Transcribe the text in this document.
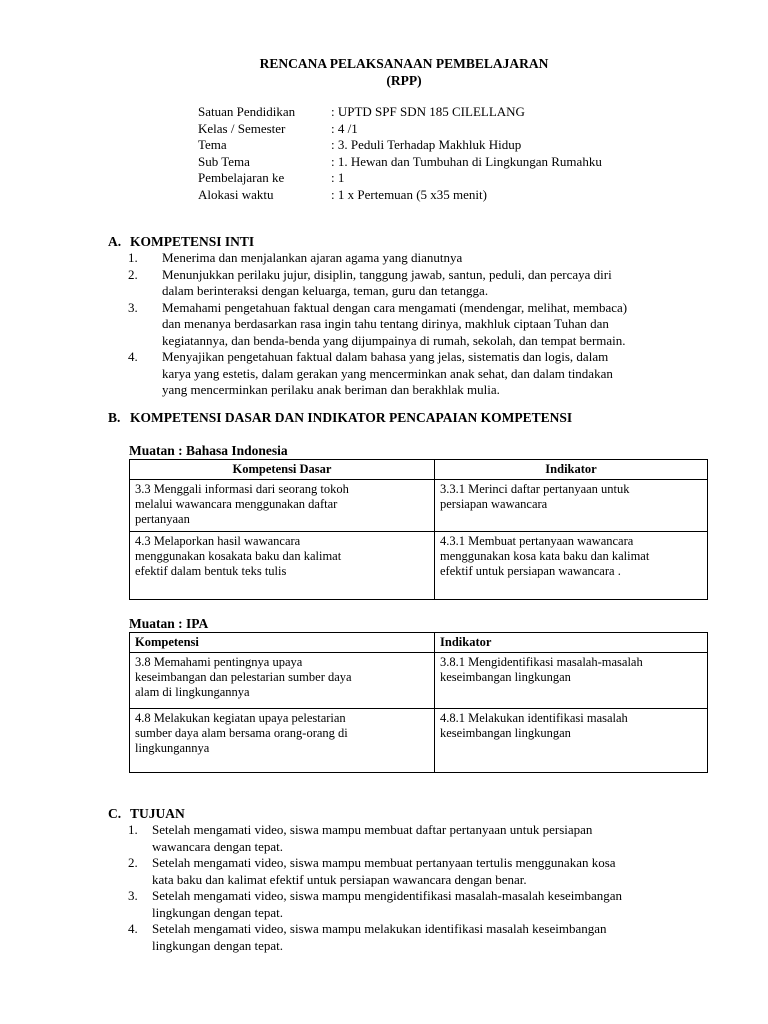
RENCANA PELAKSANAAN PEMBELAJARAN
(RPP)
Satuan Pendidikan	: UPTD SPF SDN 185 CILELLANG
Kelas / Semester	: 4 /1
Tema	: 3. Peduli Terhadap Makhluk Hidup
Sub Tema	: 1. Hewan dan Tumbuhan di Lingkungan Rumahku
Pembelajaran ke	: 1
Alokasi waktu	: 1 x Pertemuan (5 x35 menit)
A. KOMPETENSI INTI
1.	Menerima dan menjalankan ajaran agama yang dianutnya
2.	Menunjukkan perilaku jujur, disiplin, tanggung jawab, santun, peduli, dan percaya diri
dalam berinteraksi dengan keluarga, teman, guru dan tetangga.
3.	Memahami pengetahuan faktual dengan cara mengamati (mendengar, melihat, membaca)
dan menanya berdasarkan rasa ingin tahu tentang dirinya, makhluk ciptaan Tuhan dan
kegiatannya, dan benda-benda yang dijumpainya di rumah, sekolah, dan tempat bermain.
4.	Menyajikan pengetahuan faktual dalam bahasa yang jelas, sistematis dan logis, dalam
karya yang estetis, dalam gerakan yang mencerminkan anak sehat, dan dalam tindakan
yang mencerminkan perilaku anak beriman dan berakhlak mulia.
B. KOMPETENSI DASAR DAN INDIKATOR PENCAPAIAN KOMPETENSI
Muatan : Bahasa Indonesia
Kompetensi Dasar	Indikator
3.3 Menggali informasi dari seorang tokoh
melalui wawancara menggunakan daftar
pertanyaan	3.3.1 Merinci daftar pertanyaan untuk
persiapan wawancara
4.3 Melaporkan hasil wawancara
menggunakan kosakata baku dan kalimat
efektif dalam bentuk teks tulis	4.3.1 Membuat pertanyaan wawancara
menggunakan kosa kata baku dan kalimat
efektif untuk persiapan wawancara .
Muatan : IPA
Kompetensi	Indikator
3.8 Memahami pentingnya upaya
keseimbangan dan pelestarian sumber daya
alam di lingkungannya	3.8.1 Mengidentifikasi masalah-masalah
keseimbangan lingkungan
4.8 Melakukan kegiatan upaya pelestarian
sumber daya alam bersama orang-orang di
lingkungannya	4.8.1 Melakukan identifikasi masalah
keseimbangan lingkungan
C. TUJUAN
1.	Setelah mengamati video, siswa mampu membuat daftar pertanyaan untuk persiapan
wawancara dengan tepat.
2.	Setelah mengamati video, siswa mampu membuat pertanyaan tertulis menggunakan kosa
kata baku dan kalimat efektif untuk persiapan wawancara dengan benar.
3.	Setelah mengamati video, siswa mampu mengidentifikasi masalah-masalah keseimbangan
lingkungan dengan tepat.
4.	Setelah mengamati video, siswa mampu melakukan identifikasi masalah keseimbangan
lingkungan dengan tepat.
